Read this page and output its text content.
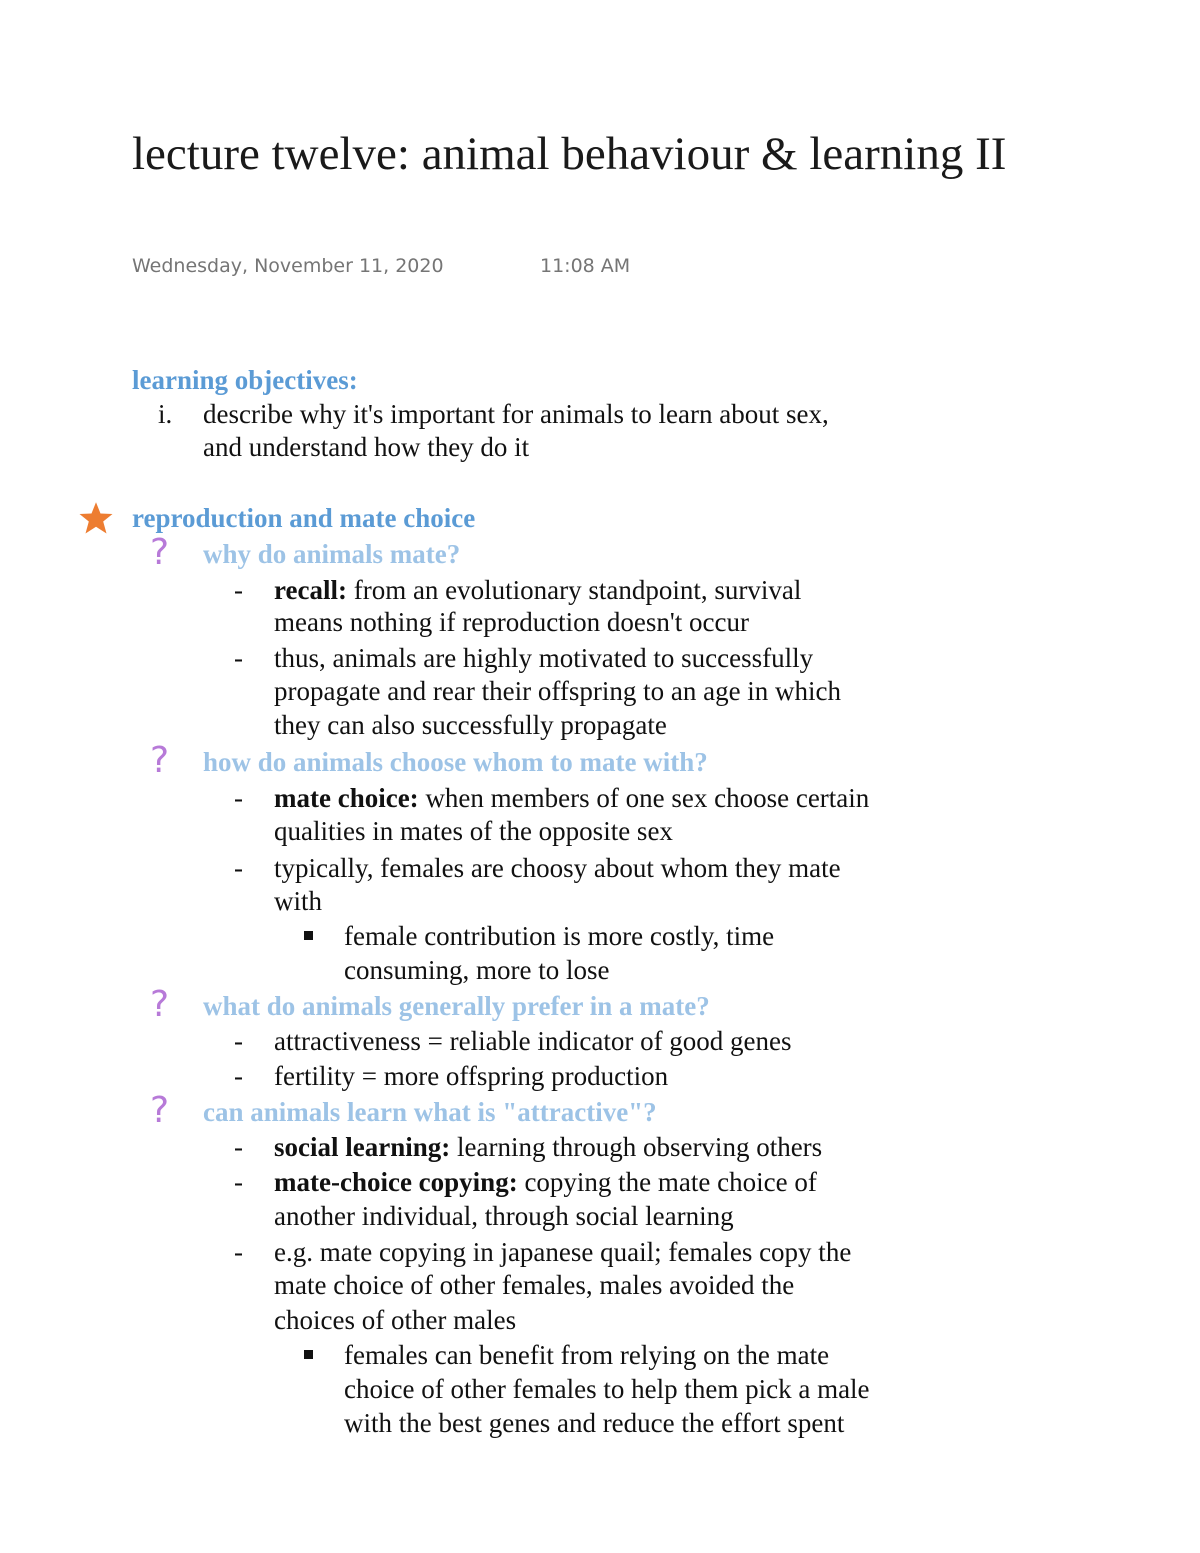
lecture twelve: animal behaviour & learning II
Wednesday, November 11, 2020	11:08 AM
learning objectives:
i. describe why it's important for animals to learn about sex,
and understand how they do it
reproduction and mate choice
? why do animals mate?
- recall: from an evolutionary standpoint, survival
means nothing if reproduction doesn't occur
- thus, animals are highly motivated to successfully
propagate and rear their offspring to an age in which
they can also successfully propagate
? how do animals choose whom to mate with?
- mate choice: when members of one sex choose certain
qualities in mates of the opposite sex
- typically, females are choosy about whom they mate
with
female contribution is more costly, time
consuming, more to lose
? what do animals generally prefer in a mate?
- attractiveness = reliable indicator of good genes
- fertility = more offspring production
? can animals learn what is "attractive"?
- social learning: learning through observing others
- mate-choice copying: copying the mate choice of
another individual, through social learning
- e.g. mate copying in japanese quail; females copy the
mate choice of other females, males avoided the
choices of other males
females can benefit from relying on the mate
choice of other females to help them pick a male
with the best genes and reduce the effort spent
